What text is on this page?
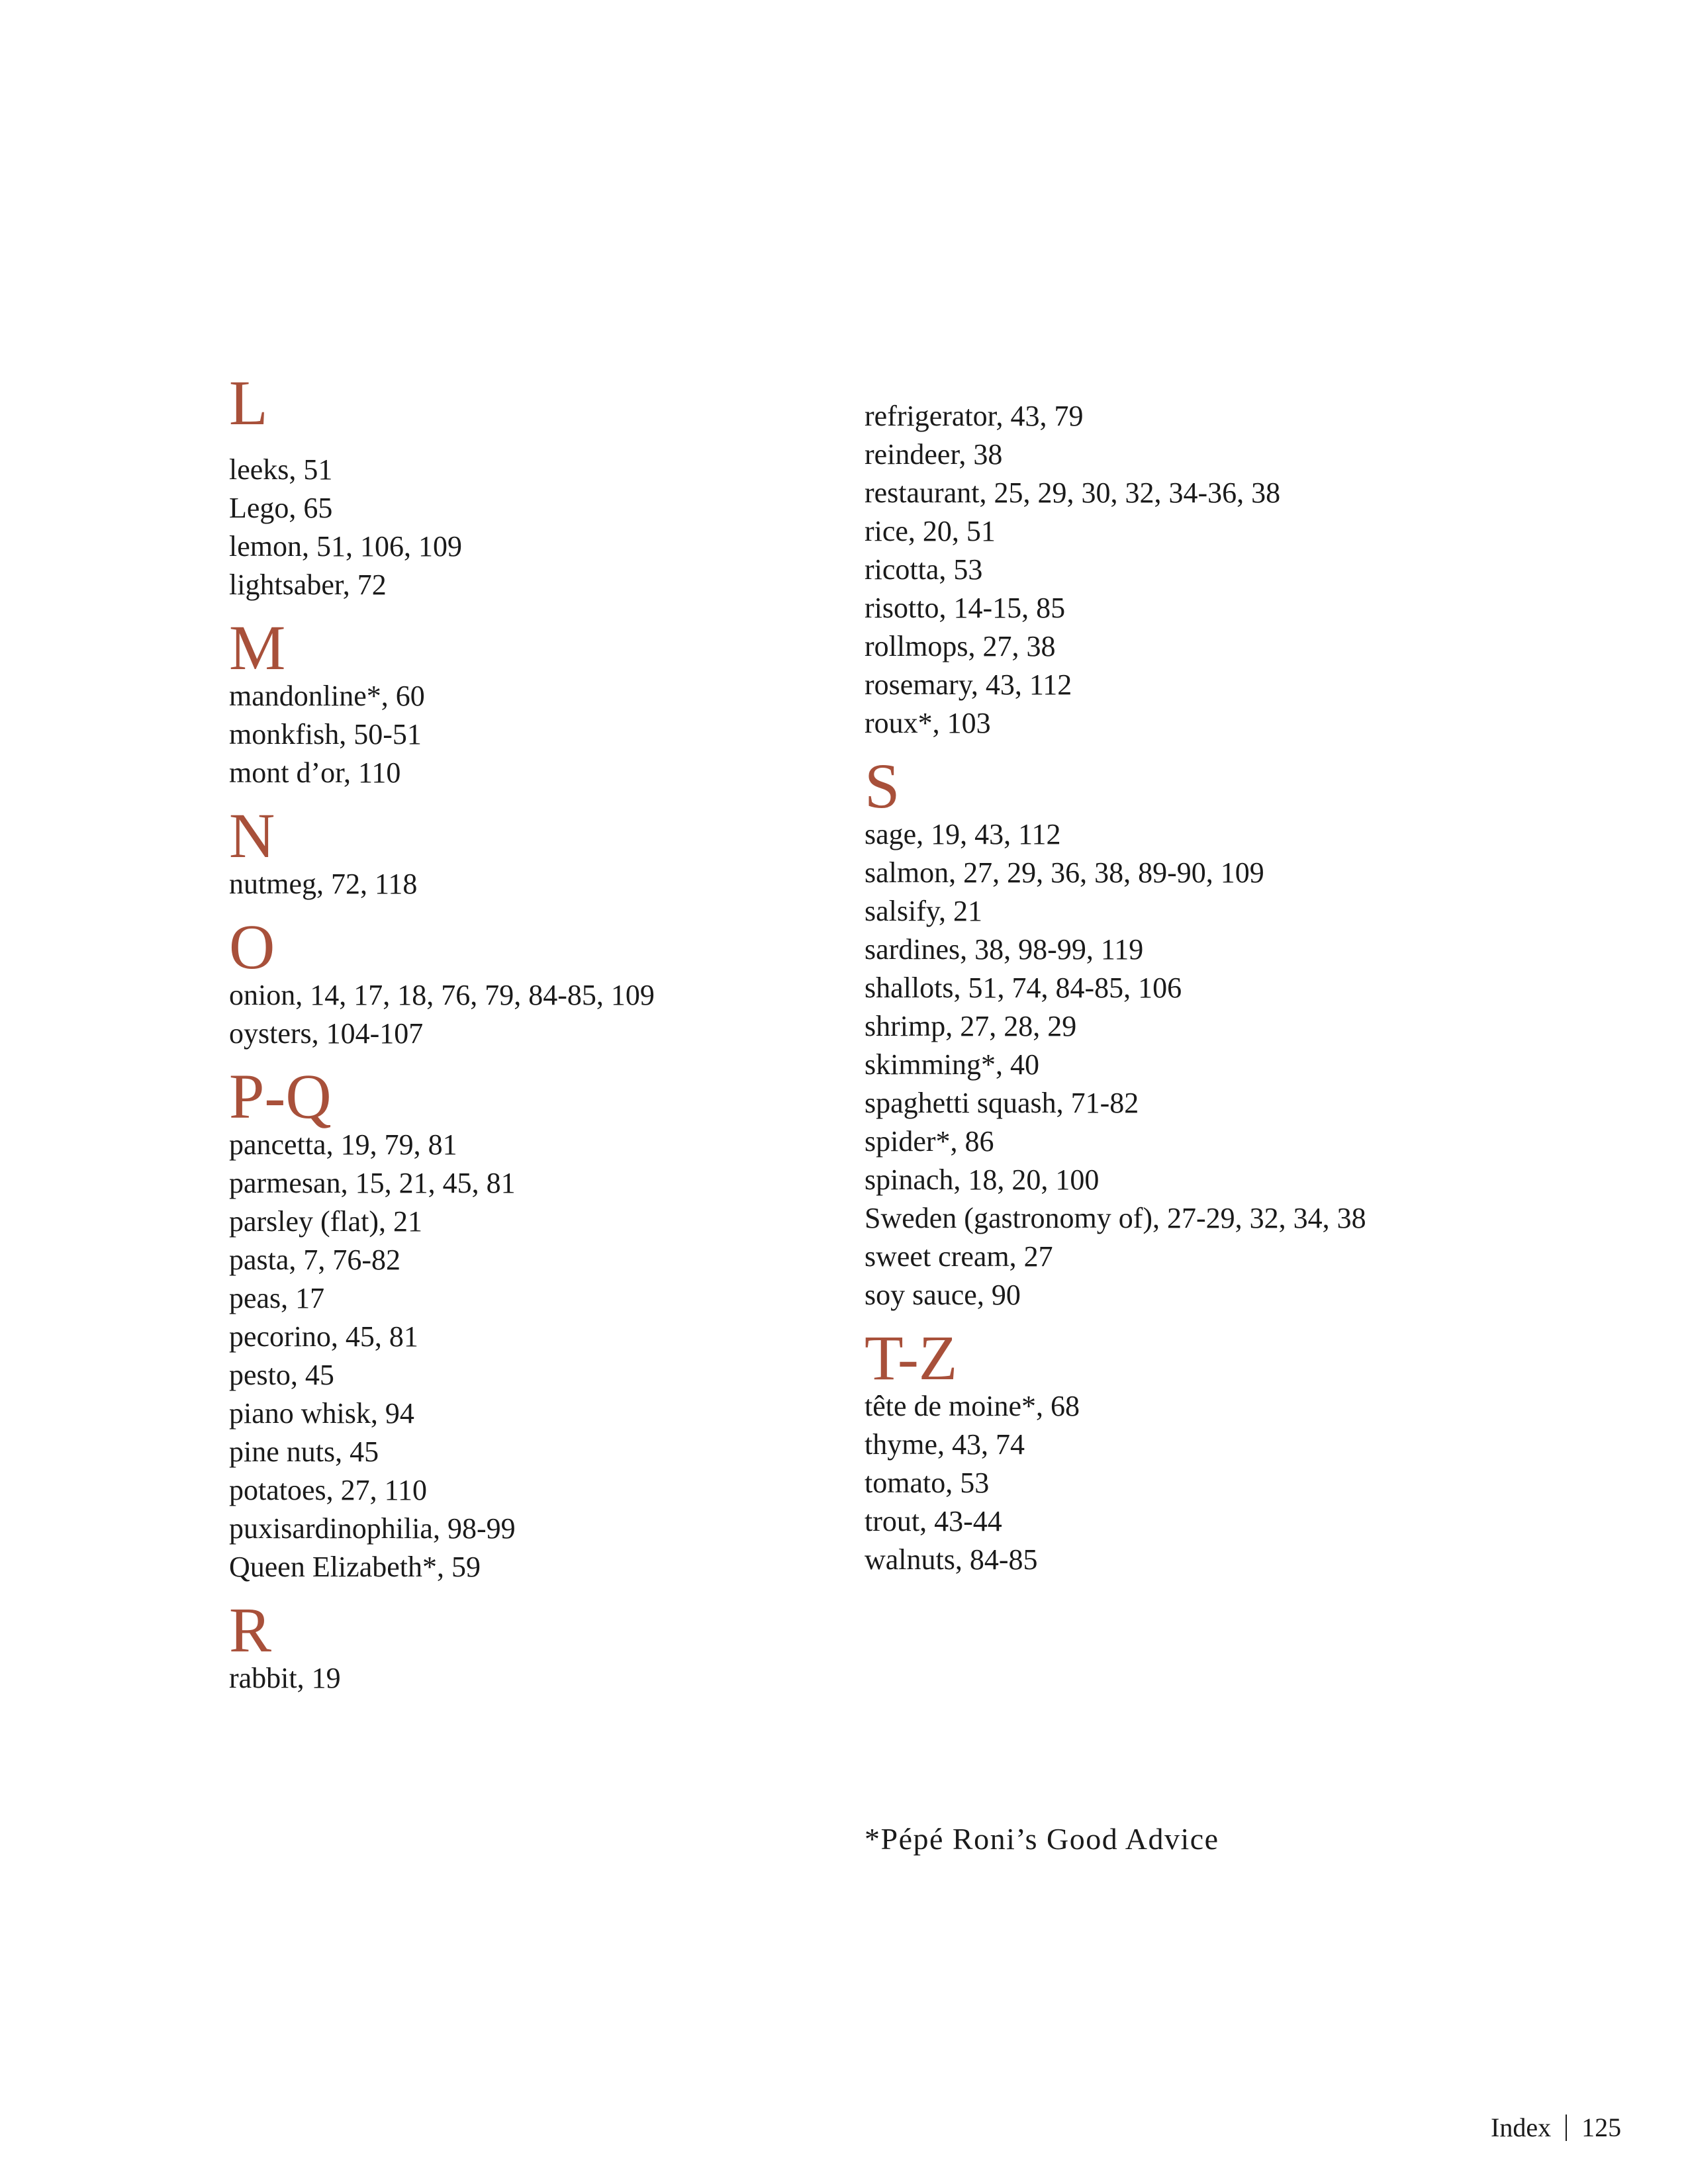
L
leeks, 51
Lego, 65
lemon, 51, 106, 109
lightsaber, 72
M
mandonline*, 60
monkfish, 50-51
mont d’or, 110
N
nutmeg, 72, 118
O
onion, 14, 17, 18, 76, 79, 84-85, 109
oysters, 104-107
P-Q
pancetta, 19, 79, 81
parmesan, 15, 21, 45, 81
parsley (flat), 21
pasta, 7, 76-82
peas, 17
pecorino, 45, 81
pesto, 45
piano whisk, 94
pine nuts, 45
potatoes, 27, 110
puxisardinophilia, 98-99
Queen Elizabeth*, 59
R
rabbit, 19
refrigerator, 43, 79
reindeer, 38
restaurant, 25, 29, 30, 32, 34-36, 38
rice, 20, 51
ricotta, 53
risotto, 14-15, 85
rollmops, 27, 38
rosemary, 43, 112
roux*, 103
S
sage, 19, 43, 112
salmon, 27, 29, 36, 38, 89-90, 109
salsify, 21
sardines, 38, 98-99, 119
shallots, 51, 74, 84-85, 106
shrimp, 27, 28, 29
skimming*, 40
spaghetti squash, 71-82
spider*, 86
spinach, 18, 20, 100
Sweden (gastronomy of), 27-29, 32, 34, 38
sweet cream, 27
soy sauce, 90
T-Z
tête de moine*, 68
thyme, 43, 74
tomato, 53
trout, 43-44
walnuts, 84-85
*Pépé Roni’s Good Advice
Index 125
